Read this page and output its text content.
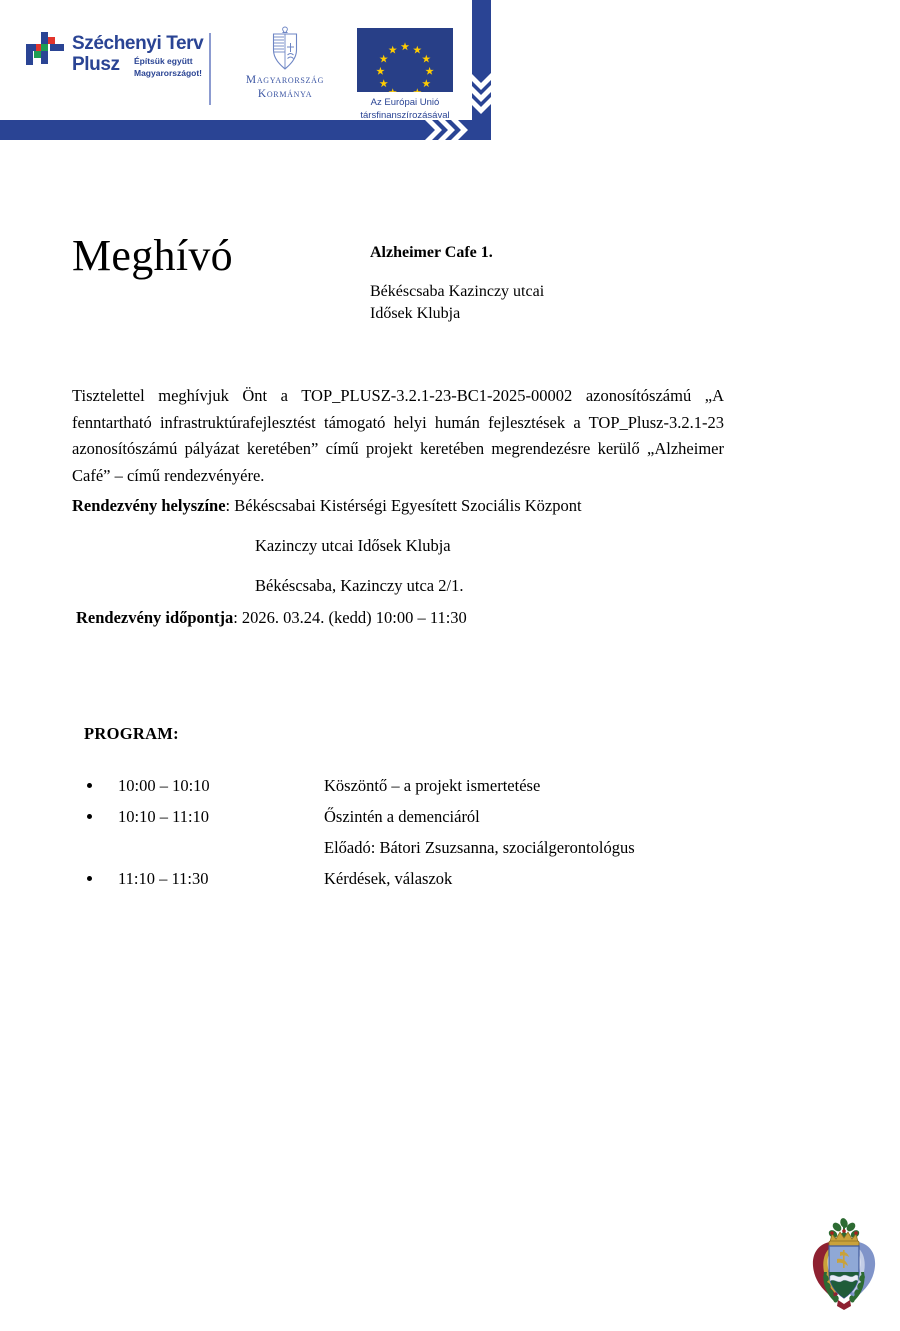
Széchenyi Terv
Plusz	Építsük együtt
Magyarországot!
Magyarország
Kormánya
Az Európai Unió
társfinanszírozásával
Meghívó	Alzheimer Cafe 1.
Békéscsaba Kazinczy utcai
Idősek Klubja
Tisztelettel meghívjuk Önt a TOP_PLUSZ-3.2.1-23-BC1-2025-00002 azonosítószámú „A fenntartható infrastruktúrafejlesztést támogató helyi humán fejlesztések a TOP_Plusz-3.2.1-23 azonosítószámú pályázat keretében” című projekt keretében megrendezésre kerülő „Alzheimer Café” – című rendezvényére.
Rendezvény helyszíne: Békéscsabai Kistérségi Egyesített Szociális Központ
Kazinczy utcai Idősek Klubja
Békéscsaba, Kazinczy utca 2/1.
Rendezvény időpontja: 2026. 03.24. (kedd) 10:00 – 11:30
PROGRAM:
10:00 – 10:10	Köszöntő – a projekt ismertetése
10:10 – 11:10	Őszintén a demenciáról
Előadó: Bátori Zsuzsanna, szociálgerontológus
11:10 – 11:30	Kérdések, válaszok
